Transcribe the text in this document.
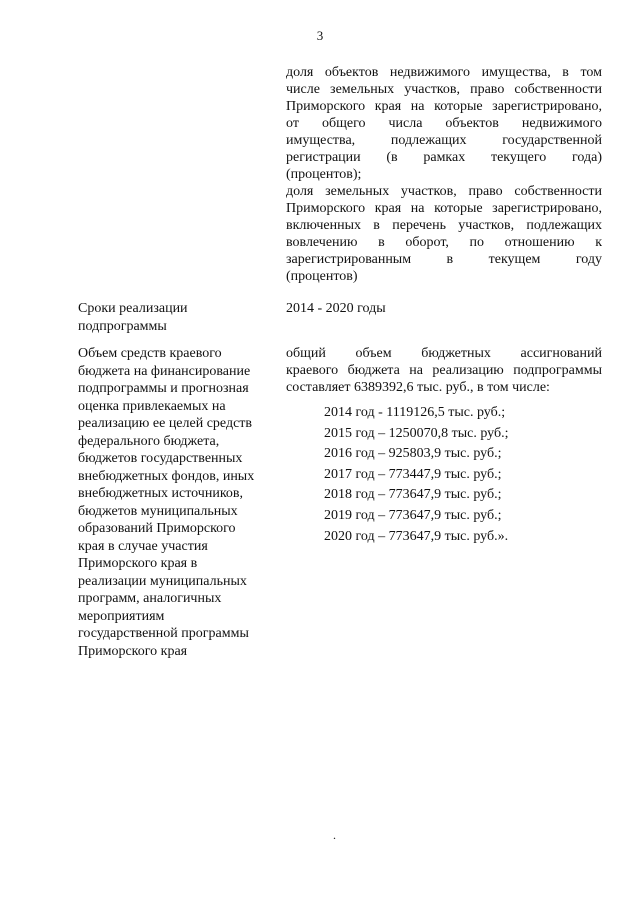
3
доля объектов недвижимого имущества, в том
числе земельных участков, право собственности
Приморского края на которые зарегистрировано,
от общего числа объектов недвижимого
имущества, подлежащих государственной
регистрации (в рамках текущего года)
(процентов);
доля земельных участков, право собственности
Приморского края на которые зарегистрировано,
включенных в перечень участков, подлежащих
вовлечению в оборот, по отношению к
зарегистрированным в текущем году
(процентов)
Сроки реализации
подпрограммы
2014 - 2020 годы
Объем средств краевого
бюджета на финансирование
подпрограммы и прогнозная
оценка привлекаемых на
реализацию ее целей средств
федерального бюджета,
бюджетов государственных
внебюджетных фондов, иных
внебюджетных источников,
бюджетов муниципальных
образований Приморского
края в случае участия
Приморского края в
реализации муниципальных
программ, аналогичных
мероприятиям
государственной программы
Приморского края
общий объем бюджетных ассигнований
краевого бюджета на реализацию подпрограммы
составляет 6389392,6 тыс. руб., в том числе:
2014 год - 1119126,5 тыс. руб.;
2015 год – 1250070,8 тыс. руб.;
2016 год – 925803,9 тыс. руб.;
2017 год – 773447,9 тыс. руб.;
2018 год – 773647,9 тыс. руб.;
2019 год – 773647,9 тыс. руб.;
2020 год – 773647,9 тыс. руб.».
.
